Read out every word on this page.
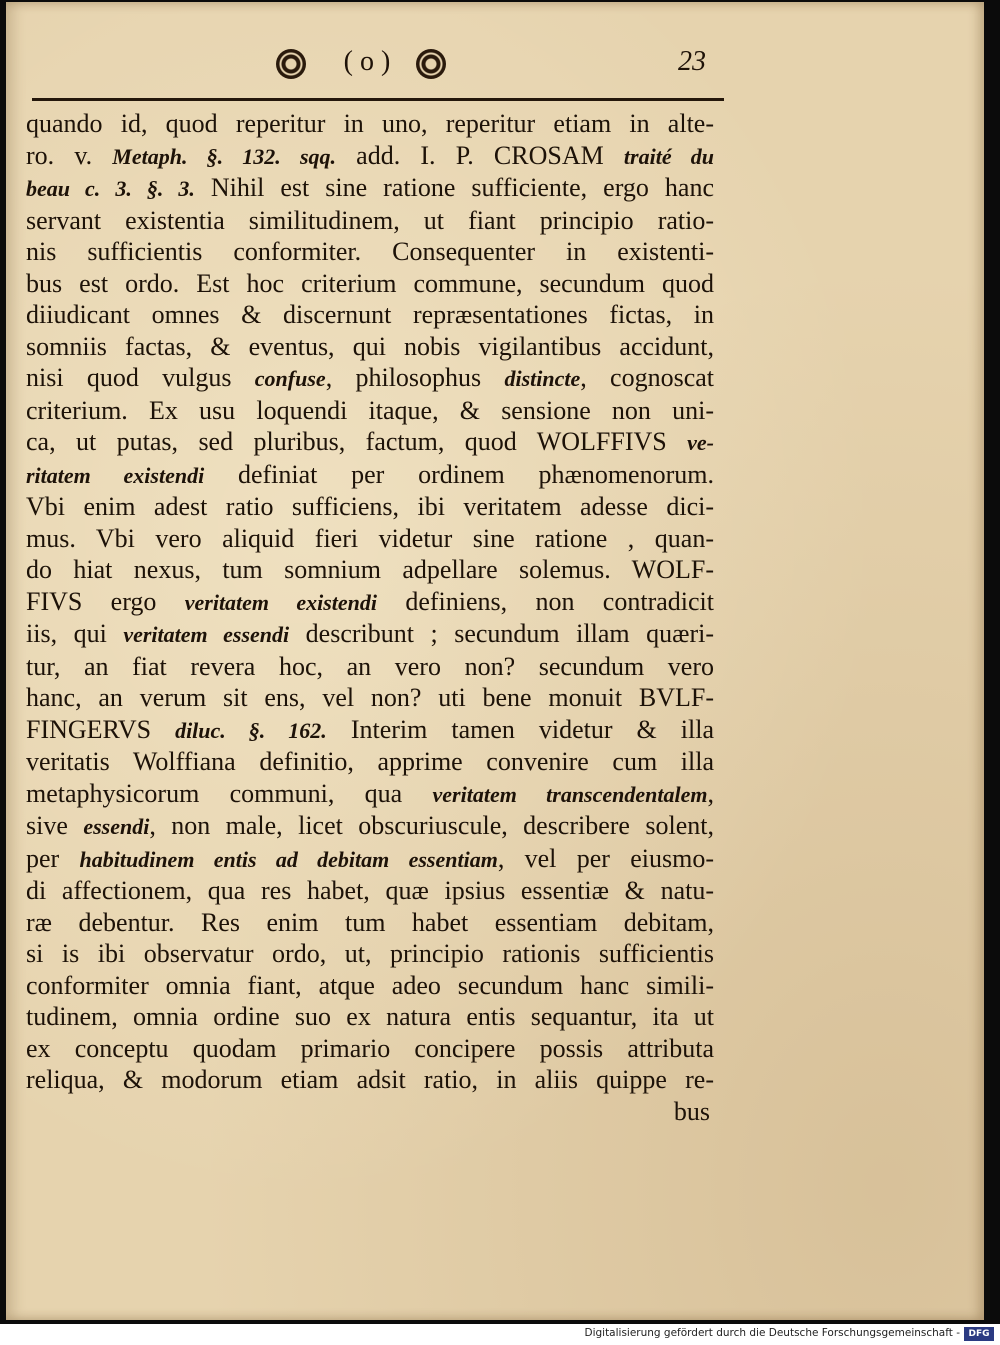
( o )	23
quando id, quod reperitur in uno, reperitur etiam in alte-
ro. v. Metaph. §. 132. sqq. add. I. P. CROSAM traité du
beau c. 3. §. 3. Nihil est sine ratione sufficiente, ergo hanc
servant existentia similitudinem, ut fiant principio ratio-
nis sufficientis conformiter. Consequenter in existenti-
bus est ordo. Est hoc criterium commune, secundum quod
diiudicant omnes & discernunt repræsentationes fictas, in
somniis factas, & eventus, qui nobis vigilantibus accidunt,
nisi quod vulgus confuse, philosophus distincte, cognoscat
criterium. Ex usu loquendi itaque, & sensione non uni-
ca, ut putas, sed pluribus, factum, quod WOLFFIVS ve-
ritatem existendi definiat per ordinem phænomenorum.
Vbi enim adest ratio sufficiens, ibi veritatem adesse dici-
mus. Vbi vero aliquid fieri videtur sine ratione , quan-
do hiat nexus, tum somnium adpellare solemus. WOLF-
FIVS ergo veritatem existendi definiens, non contradicit
iis, qui veritatem essendi describunt ; secundum illam quæri-
tur, an fiat revera hoc, an vero non? secundum vero
hanc, an verum sit ens, vel non? uti bene monuit BVLF-
FINGERVS diluc. §. 162. Interim tamen videtur & illa
veritatis Wolffiana definitio, apprime convenire cum illa
metaphysicorum communi, qua veritatem transcendentalem,
sive essendi, non male, licet obscuriuscule, describere solent,
per habitudinem entis ad debitam essentiam, vel per eiusmo-
di affectionem, qua res habet, quæ ipsius essentiæ & natu-
ræ debentur. Res enim tum habet essentiam debitam,
si is ibi observatur ordo, ut, principio rationis sufficientis
conformiter omnia fiant, atque adeo secundum hanc simili-
tudinem, omnia ordine suo ex natura entis sequantur, ita ut
ex conceptu quodam primario concipere possis attributa
reliqua, & modorum etiam adsit ratio, in aliis quippe re-
bus
Digitalisierung gefördert durch die Deutsche Forschungsgemeinschaft - DFG
